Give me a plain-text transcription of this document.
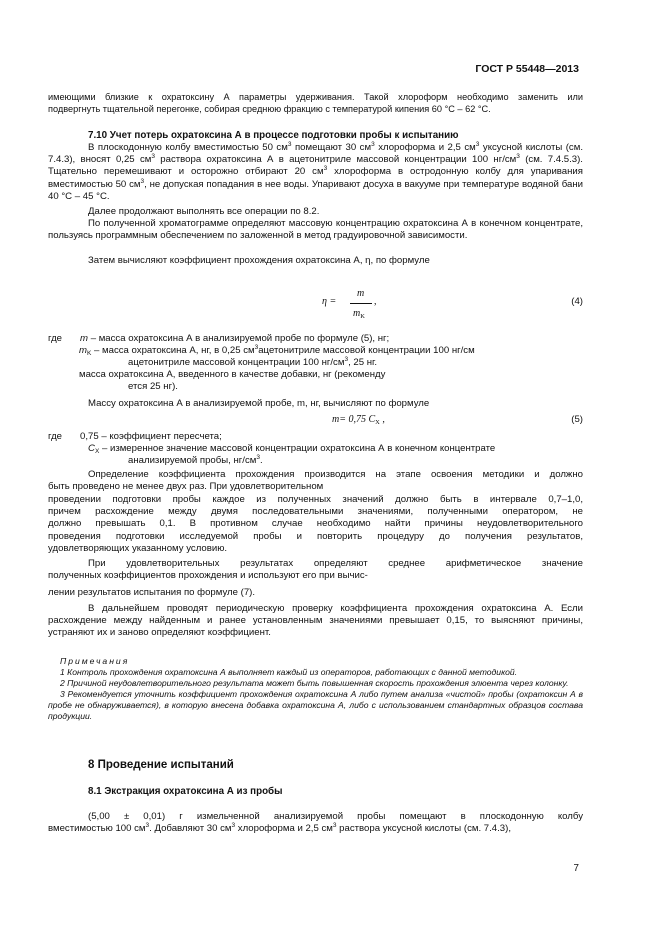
ГОСТ Р 55448—2013
имеющими близкие к охратоксину А параметры удерживания. Такой хлороформ необходимо заменить или
подвергнуть тщательной перегонке, собирая среднюю фракцию с температурой кипения 60 °С – 62 °С.
7.10 Учет потерь охратоксина А в процессе подготовки пробы к испытанию
В плоскодонную колбу вместимостью 50 $см^3$ помещают 30 $см^3$ хлороформа и 2,5 $см^3$ уксусной кислоты (см. 7.4.3), вносят 0,25 $см^3$ раствора охратоксина А в ацетонитриле массовой концентрации 100 $нг/см^3$ (см. 7.4.5.3). Тщательно перемешивают и осторожно отбирают 20 $см^3$ хлороформа в остродонную колбу для упаривания вместимостью 50 $см^3$, не допуская попадания в нее воды. Упаривают досуха в вакууме при температуре водяной бани 40 °С – 45 °С.
Далее продолжают выполнять все операции по 8.2.
По полученной хроматограмме определяют массовую концентрацию охратоксина А в конечном концентрате, пользуясь программным обеспечением по заложенной в метод градуировочной зависимости.
Затем вычисляют коэффициент прохождения охратоксина А, η, по формуле
η =
m
$m_K$
,	(4)
где m – масса охратоксина А в анализируемой пробе по формуле (5), нг;
$m_K$ – масса охратоксина А, нг, в 0,25 $см^3ацетонитриле$ массовой концентрации 100 нг/см
ацетонитриле массовой концентрации 100 $нг/см^3$, 25 нг.
масса охратоксина А, введенного в качестве добавки, нг (рекоменду
ется 25 нг).
Массу охратоксина А в анализируемой пробе, m, нг, вычисляют по формуле
m= 0,75 $C_X$ ,	(5)
где 0,75 – коэффициент пересчета;
$C_X$ – измеренное значение массовой концентрации охратоксина А в конечном концентрате
анализируемой пробы, $нг/см^3$.
Определение коэффициента прохождения производится на этапе освоения методики и должно
быть проведено не менее двух раз. При удовлетворительном
проведении подготовки пробы каждое из полученных значений должно быть в интервале 0,7–1,0,
причем расхождение между двумя последовательными значениями, полученными оператором, не
должно превышать 0,1. В противном случае необходимо найти причины неудовлетворительного
проведения подготовки исследуемой пробы и повторить процедуру до получения результатов,
удовлетворяющих указанному условию.
При удовлетворительных результатах определяют среднее арифметическое значение
полученных коэффициентов прохождения и используют его при вычис-
лении результатов испытания по формуле (7).
В дальнейшем проводят периодическую проверку коэффициента прохождения охратоксина А. Если расхождение между найденным и ранее установленным значениями превышает 0,15, то выясняют причины, устраняют их и заново определяют коэффициент.

Примечания

1 Контроль прохождения охратоксина А выполняет каждый из операторов, работающих с данной методикой.

2 Причиной неудовлетворительного результата может быть повышенная скорость прохождения элюента через колонку.

3 Рекомендуется уточнить коэффициент прохождения охратоксина А либо путем анализа «чистой» пробы (охратоксин А в пробе не обнаруживается), в которую внесена добавка охратоксина А, либо с использованием стандартных образцов состава продукции.

8 Проведение испытаний
8.1 Экстракция охратоксина А из пробы
(5,00 ± 0,01) г измельченной анализируемой пробы помещают в плоскодонную колбу
вместимостью 100 $см^3$. Добавляют 30 $см^3$ хлороформа и 2,5 $см^3$ раствора уксусной кислоты (см. 7.4.3),
7
